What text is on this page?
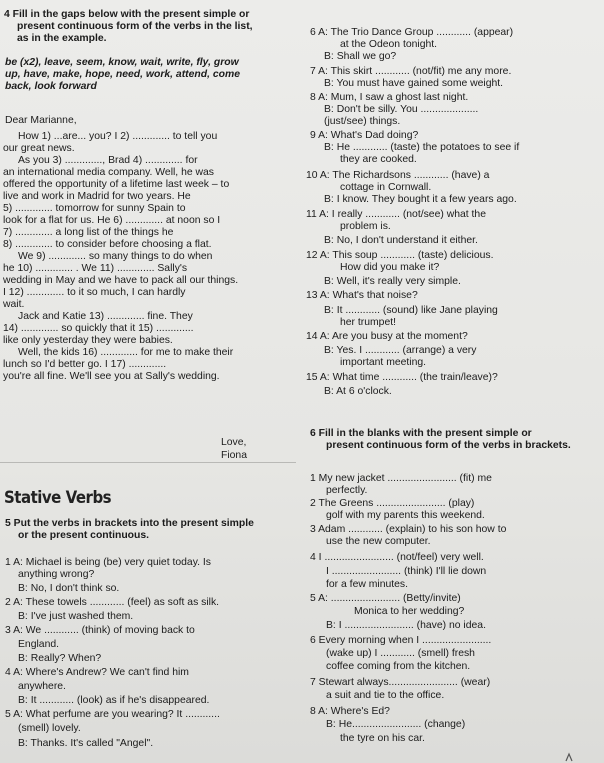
4 Fill in the gaps below with the present simple or
present continuous form of the verbs in the list,
as in the example.
be (x2), leave, seem, know, wait, write, fly, grow
up, have, make, hope, need, work, attend, come
back, look forward
Dear Marianne,
How 1) ...are... you? I 2) ............. to tell you
our great news.
As you 3) ............., Brad 4) ............. for
an international media company. Well, he was
offered the opportunity of a lifetime last week – to
live and work in Madrid for two years. He
5) ............. tomorrow for sunny Spain to
look for a flat for us. He 6) ............. at noon so I
7) ............. a long list of the things he
8) ............. to consider before choosing a flat.
We 9) ............. so many things to do when
he 10) ............. . We 11) ............. Sally's
wedding in May and we have to pack all our things.
I 12) ............. to it so much, I can hardly
wait.
Jack and Katie 13) ............. fine. They
14) ............. so quickly that it 15) .............
like only yesterday they were babies.
Well, the kids 16) ............. for me to make their
lunch so I'd better go. I 17) .............
you're all fine. We'll see you at Sally's wedding.
Love,
Fiona
Stative Verbs
5 Put the verbs in brackets into the present simple
or the present continuous.
1 A: Michael is being (be) very quiet today. Is
anything wrong?
B: No, I don't think so.
2 A: These towels ............ (feel) as soft as silk.
B: I've just washed them.
3 A: We ............ (think) of moving back to
England.
B: Really? When?
4 A: Where's Andrew? We can't find him
anywhere.
B: It ............ (look) as if he's disappeared.
5 A: What perfume are you wearing? It ............
(smell) lovely.
B: Thanks. It's called "Angel".
6 A: The Trio Dance Group ............ (appear)
at the Odeon tonight.
B: Shall we go?
7 A: This skirt ............ (not/fit) me any more.
B: You must have gained some weight.
8 A: Mum, I saw a ghost last night.
B: Don't be silly. You ....................
(just/see) things.
9 A: What's Dad doing?
B: He ............ (taste) the potatoes to see if
they are cooked.
10 A: The Richardsons ............ (have) a
cottage in Cornwall.
B: I know. They bought it a few years ago.
11 A: I really ............ (not/see) what the
problem is.
B: No, I don't understand it either.
12 A: This soup ............ (taste) delicious.
How did you make it?
B: Well, it's really very simple.
13 A: What's that noise?
B: It ............ (sound) like Jane playing
her trumpet!
14 A: Are you busy at the moment?
B: Yes. I ............ (arrange) a very
important meeting.
15 A: What time ............ (the train/leave)?
B: At 6 o'clock.
6 Fill in the blanks with the present simple or
present continuous form of the verbs in brackets.
1 My new jacket ........................ (fit) me
perfectly.
2 The Greens ........................ (play)
golf with my parents this weekend.
3 Adam ............ (explain) to his son how to
use the new computer.
4 I ........................ (not/feel) very well.
I ........................ (think) I'll lie down
for a few minutes.
5 A: ........................ (Betty/invite)
Monica to her wedding?
B: I ........................ (have) no idea.
6 Every morning when I ........................
(wake up) I ............ (smell) fresh
coffee coming from the kitchen.
7 Stewart always........................ (wear)
a suit and tie to the office.
8 A: Where's Ed?
B: He........................ (change)
the tyre on his car.
